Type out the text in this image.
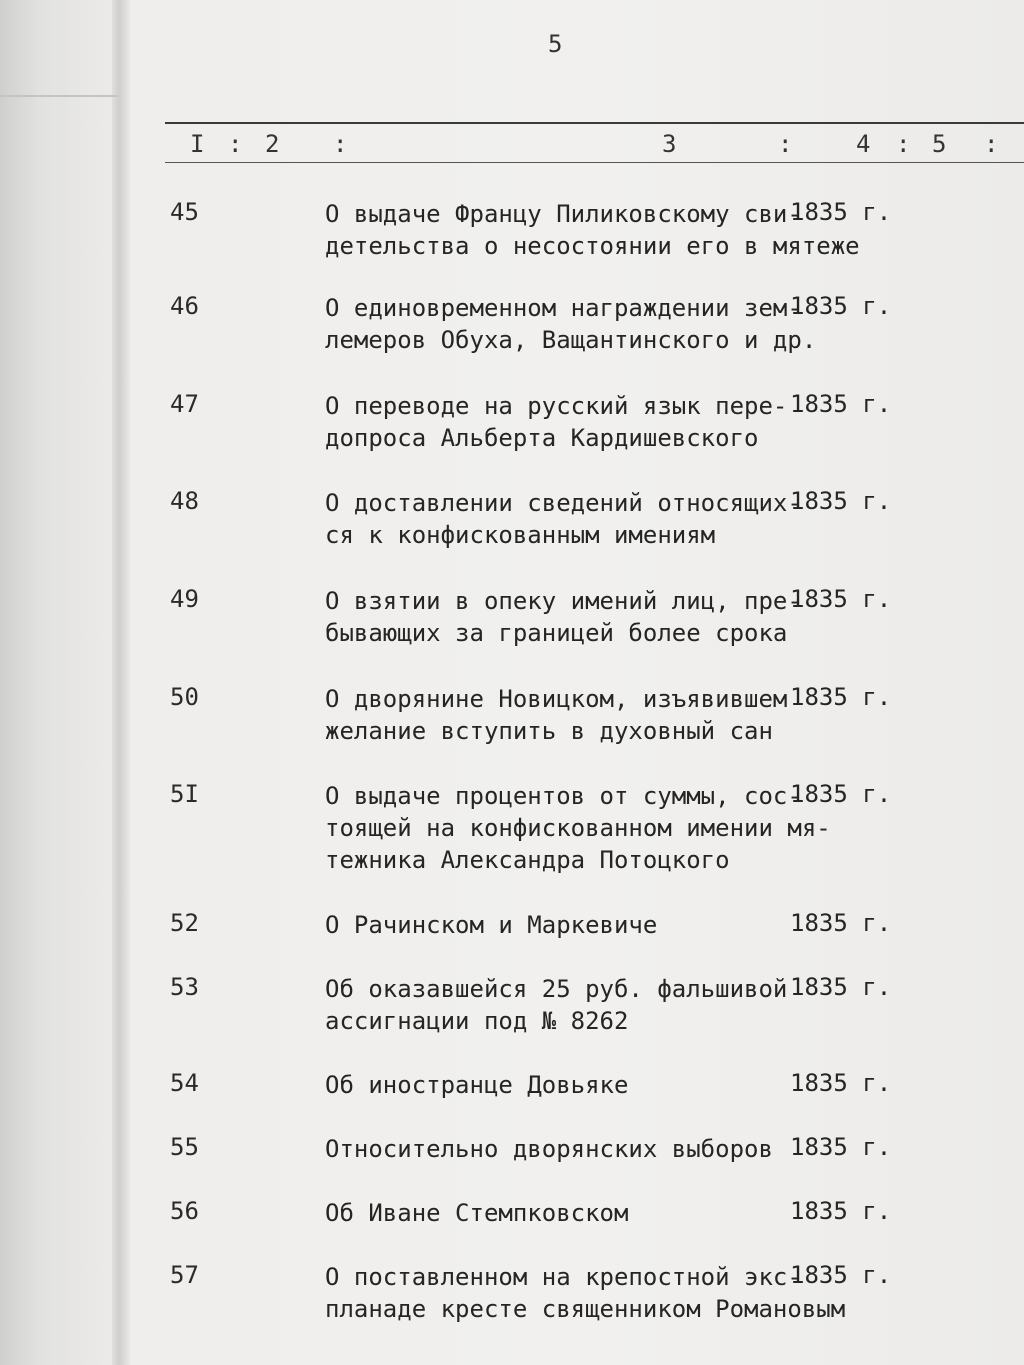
5
I : 2 :	3	:	4 : 5 :
45	О выдаче Францу Пиликовскому сви-
детельства о несостоянии его в мятеже
1835 г.
46	О единовременном награждении зем-
лемеров Обуха, Ващантинского и др.
1835 г.
47	О переводе на русский язык пере-
допроса Альберта Кардишевского
1835 г.
48	О доставлении сведений относящих-
ся к конфискованным имениям
1835 г.
49	О взятии в опеку имений лиц, пре-
бывающих за границей более срока
1835 г.
50	О дворянине Новицком, изъявившем
желание вступить в духовный сан
1835 г.
5I	О выдаче процентов от суммы, сос-
тоящей на конфискованном имении мя-
тежника Александра Потоцкого
1835 г.
52	О Рачинском и Маркевиче	1835 г.
53	Об оказавшейся 25 руб. фальшивой
ассигнации под № 8262
1835 г.
54	Об иностранце Довьяке	1835 г.
55	Относительно дворянских выборов 1835 г.
56	Об Иване Стемпковском	1835 г.
57	О поставленном на крепостной экс-
планаде кресте священником Романовым
1835 г.
